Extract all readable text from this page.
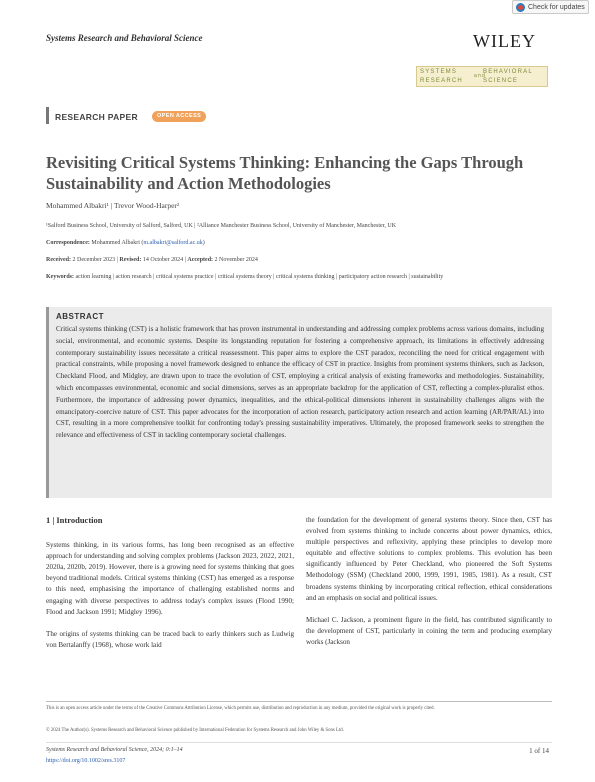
Check for updates
Systems Research and Behavioral Science	WILEY
SYSTEMS
RESEARCH
and
BEHAVIORAL
SCIENCE
RESEARCH PAPER	OPEN ACCESS
Revisiting Critical Systems Thinking: Enhancing the Gaps Through Sustainability and Action Methodologies
Mohammed Albakri¹ | Trevor Wood-Harper²
¹Salford Business School, University of Salford, Salford, UK | ²Alliance Manchester Business School, University of Manchester, Manchester, UK
Correspondence: Mohammed Albakri (m.albakri@salford.ac.uk)
Received: 2 December 2023 | Revised: 14 October 2024 | Accepted: 2 November 2024
Keywords: action learning | action research | critical systems practice | critical systems theory | critical systems thinking | participatory action research | sustainability
ABSTRACT

Critical systems thinking (CST) is a holistic framework that has proven instrumental in understanding and addressing complex problems across various domains, including social, environmental, and economic systems. Despite its longstanding reputation for fostering a comprehensive approach, its limitations in effectively addressing contemporary sustainability issues necessitate a critical reassessment. This paper aims to explore the CST paradox, reconciling the need for critical engagement with practical constraints, while proposing a novel framework designed to enhance the efficacy of CST in practice. Insights from prominent systems thinkers, such as Jackson, Checkland Flood, and Midgley, are drawn upon to trace the evolution of CST, employing a critical analysis of existing frameworks and methodologies. Sustainability, which encompasses environmental, economic and social dimensions, serves as an appropriate backdrop for the application of CST, reflecting a complex-pluralist ethos. Furthermore, the importance of addressing power dynamics, inequalities, and the ethical-political dimensions inherent in sustainability challenges aligns with the emancipatory-coercive nature of CST. This paper advocates for the incorporation of action research, participatory action research and action learning (AR/PAR/AL) into CST, resulting in a more comprehensive toolkit for confronting today's pressing sustainability imperatives. Ultimately, the proposed framework seeks to strengthen the relevance and effectiveness of CST in tackling contemporary societal challenges.

1 | Introduction

Systems thinking, in its various forms, has long been recognised as an effective approach for understanding and solving complex problems (Jackson 2023, 2022, 2021, 2020a, 2020b, 2019). However, there is a growing need for systems thinking that goes beyond traditional models. Critical systems thinking (CST) has emerged as a response to this need, emphasising the importance of challenging established norms and engaging with diverse perspectives to address today's complex issues (Flood 1990; Flood and Jackson 1991; Midgley 1996).

The origins of systems thinking can be traced back to early thinkers such as Ludwig von Bertalanffy (1968), whose work laid

the foundation for the development of general systems theory. Since then, CST has evolved from systems thinking to include concerns about power dynamics, ethics, multiple perspectives and reflexivity, applying these principles to develop more equitable and effective solutions to complex problems. This evolution has been significantly influenced by Peter Checkland, who pioneered the Soft Systems Methodology (SSM) (Checkland 2000, 1999, 1991, 1985, 1981). As a result, CST broadens systems thinking by incorporating critical reflection, ethical considerations and an emphasis on social and political issues.

Michael C. Jackson, a prominent figure in the field, has contributed significantly to the development of CST, particularly in coining the term and producing exemplary works (Jackson

This is an open access article under the terms of the Creative Commons Attribution License, which permits use, distribution and reproduction in any medium, provided the original work is properly cited.
© 2024 The Author(s). Systems Research and Behavioral Science published by International Federation for Systems Research and John Wiley & Sons Ltd.
Systems Research and Behavioral Science, 2024; 0:1–14
https://doi.org/10.1002/sres.3107
1 of 14
